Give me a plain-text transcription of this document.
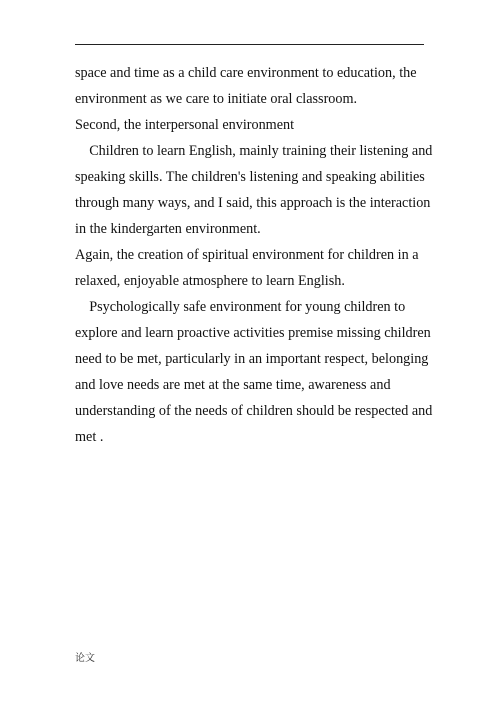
space and time as a child care environment to education, the
environment as we care to initiate oral classroom.
Second, the interpersonal environment
Children to learn English, mainly training their listening and
speaking skills. The children's listening and speaking abilities
through many ways, and I said, this approach is the interaction
in the kindergarten environment.
Again, the creation of spiritual environment for children in a
relaxed, enjoyable atmosphere to learn English.
Psychologically safe environment for young children to
explore and learn proactive activities premise missing children
need to be met, particularly in an important respect, belonging
and love needs are met at the same time, awareness and
understanding of the needs of children should be respected and
met .
论文
